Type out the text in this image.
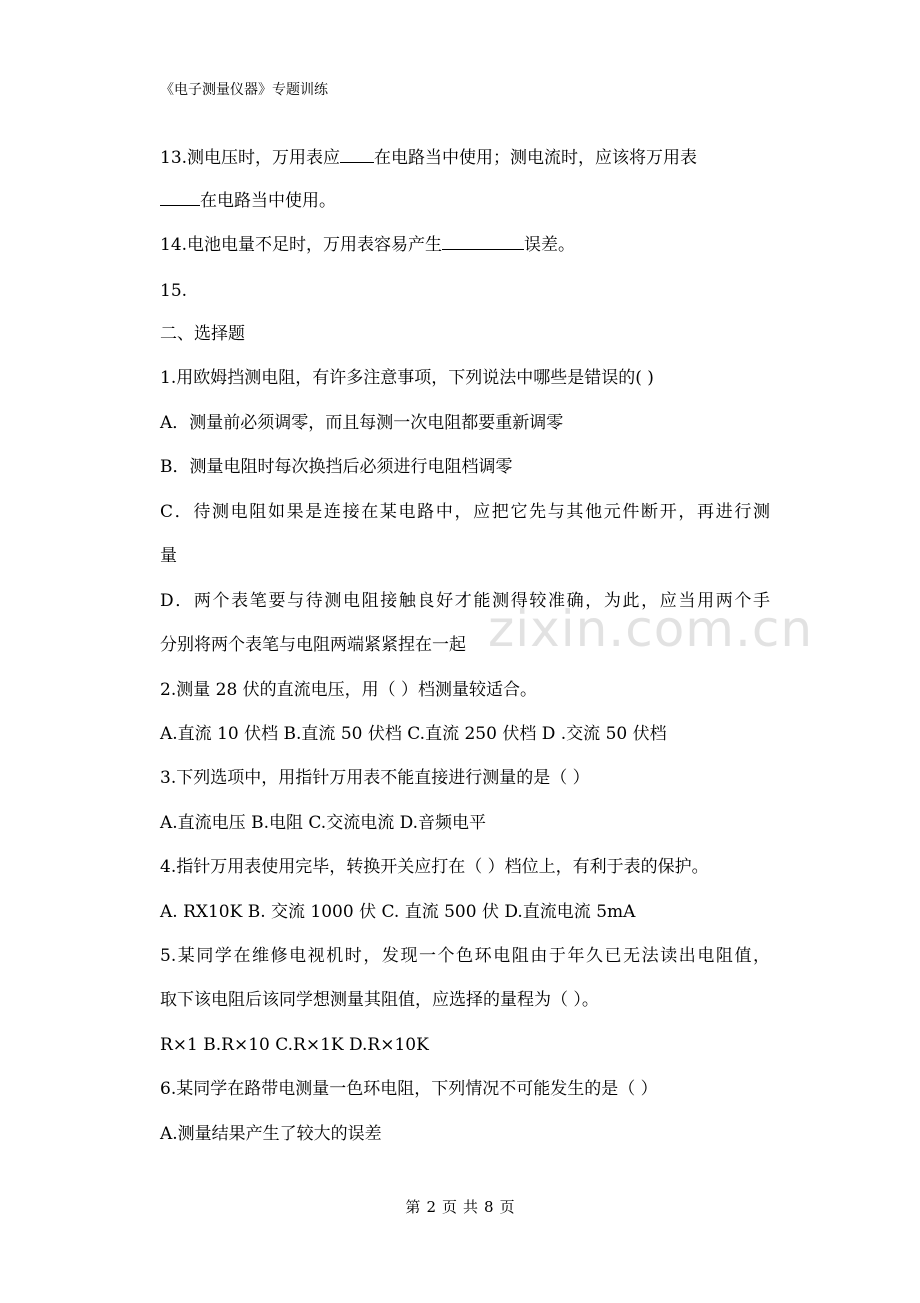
《电子测量仪器》专题训练
13.测电压时，万用表应 在电路当中使用；测电流时，应该将万用表
在电路当中使用。
14.电池电量不足时，万用表容易产生	误差。
15.
二、选择题
1.用欧姆挡测电阻，有许多注意事项，下列说法中哪些是错误的( )
A．测量前必须调零，而且每测一次电阻都要重新调零
B．测量电阻时每次换挡后必须进行电阻档调零
C．待测电阻如果是连接在某电路中，应把它先与其他元件断开，再进行测
量
D．两个表笔要与待测电阻接触良好才能测得较准确，为此，应当用两个手
分别将两个表笔与电阻两端紧紧捏在一起
2.测量 28 伏的直流电压，用（ ）档测量较适合。
A.直流 10 伏档 B.直流 50 伏档 C.直流 250 伏档 D .交流 50 伏档
3.下列选项中，用指针万用表不能直接进行测量的是（ ）
A.直流电压 B.电阻 C.交流电流 D.音频电平
4.指针万用表使用完毕，转换开关应打在（ ）档位上，有利于表的保护。
A. RX10K B. 交流 1000 伏 C. 直流 500 伏 D.直流电流 5mA
5.某同学在维修电视机时，发现一个色环电阻由于年久已无法读出电阻值，
取下该电阻后该同学想测量其阻值，应选择的量程为（ ）。
R×1 B.R×10 C.R×1K D.R×10K
6.某同学在路带电测量一色环电阻，下列情况不可能发生的是（ ）
A.测量结果产生了较大的误差
zixin.com.cn
第 2 页 共 8 页
